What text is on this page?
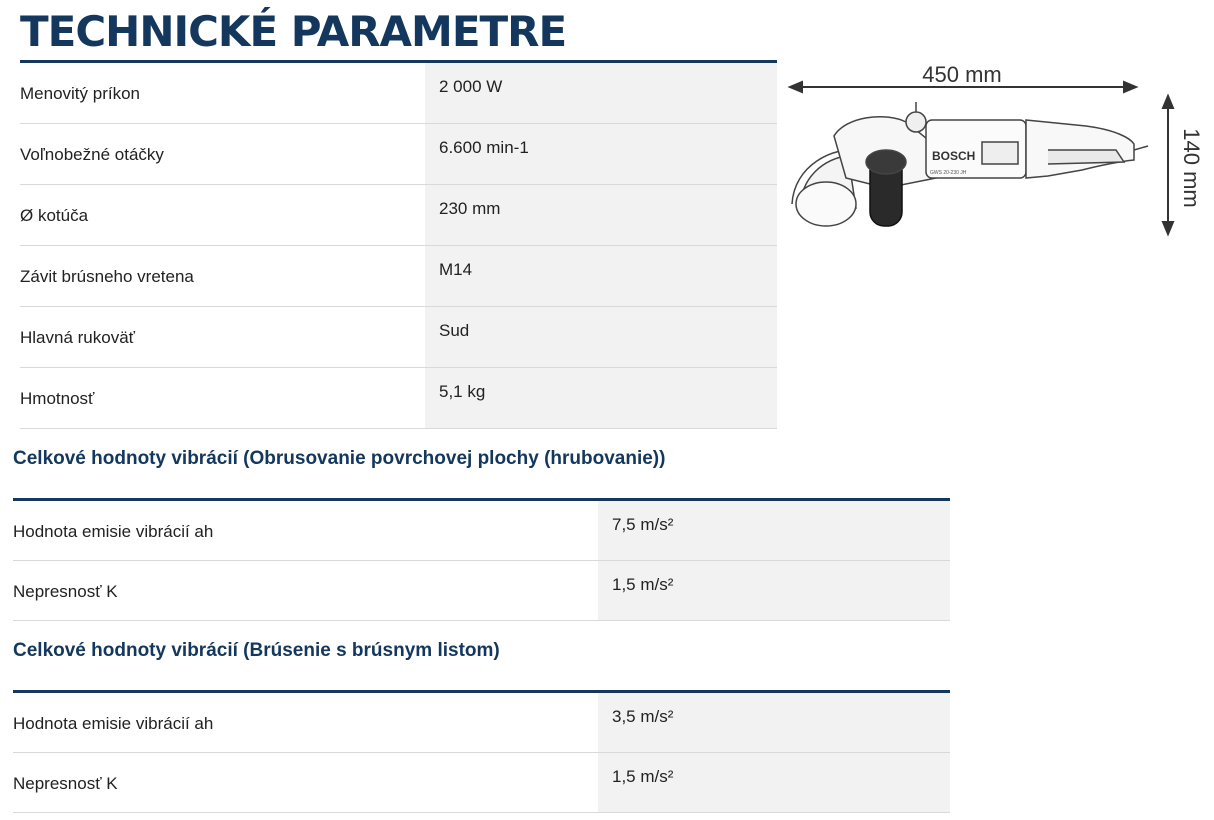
TECHNICKÉ PARAMETRE
Menovitý príkon	2 000 W
Voľnobežné otáčky	6.600 min-1
Ø kotúča	230 mm
Závit brúsneho vretena	M14
Hlavná rukoväť	Sud
Hmotnosť	5,1 kg
450 mm
140 mm
BOSCH
GWS 20-230 JH
Celkové hodnoty vibrácií (Obrusovanie povrchovej plochy (hrubovanie))
Hodnota emisie vibrácií ah	7,5 m/s²
Nepresnosť K	1,5 m/s²
Celkové hodnoty vibrácií (Brúsenie s brúsnym listom)
Hodnota emisie vibrácií ah	3,5 m/s²
Nepresnosť K	1,5 m/s²
